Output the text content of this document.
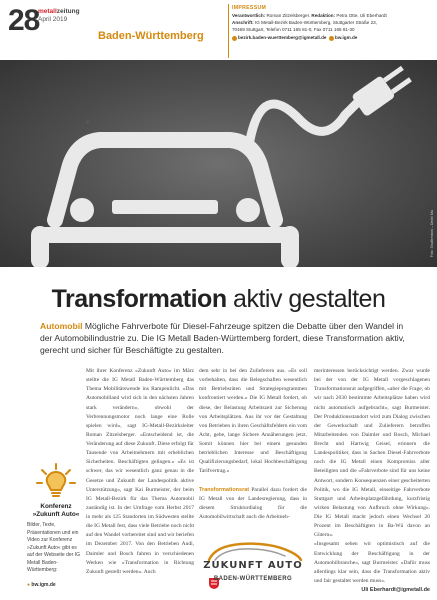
28
metallzeitung
April 2019
Baden-Württemberg
IMPRESSUM
Verantwortlich: Roman Zitzelsberger. Redaktion: Petra Otte, Uli Eberhardt
Anschrift: IG Metall-Bezirk Baden-Württemberg, Stuttgarter Straße 23,
70469 Stuttgart, Telefon 0711 165 81-0, Fax 0711 165 81-30
bezirk.baden-wuerttemberg@igmetall.de bw.igm.de
Foto: Shutterstock – Dmitri Ma
Transformation aktiv gestalten
Automobil Mögliche Fahrverbote für Diesel-Fahrzeuge spitzen die Debatte über den Wandel in der Automobilindustrie zu. Die IG Metall Baden-Württemberg fordert, diese Transformation aktiv, gerecht und sicher für Beschäftigte zu gestalten.
Mit ihrer Konferenz »Zukunft Auto« im März stellte die IG Metall Baden-Württemberg das Thema Mobilitätswende ins Rampenlicht. »Das Automobilland wird sich in den nächsten Jahren stark verändern«, obwohl der Verbrennungsmotor noch lange eine Rolle spielen wird«, sagt IG-Metall-Bezirksleiter Roman Zitzelsberger. »Entscheidend ist, die Veränderung auf diese Zukunft. Diese erfolgt für Tausende von Arbeitnehmern mit erheblichen Sicherheiten. Beschäftigten gelingen.« »Es ist schwer, das wir wesentlich ganz genau in die Gesetze und Zukunft der Landespolitik aktive Unterstützung«, sagt Kai Burmeister, der beim IG Metall-Bezirk für das Thema Automobil zuständig ist. In der Umfrage vom Herbst 2017 in mehr als 125 Standorten im Südwesten stellte die IG Metall fest, dass viele Betriebe noch nicht auf den Wandel vorbereitet sind und wir beriefen im Dezember 2017. Von den Betrieben Audi, Daimler und Bosch fahren in verschiedenen Werken wie »Transformation in Richtung Zukunft gestellt werden«. Auch
dem sehr in bei den Zulieferern aus. »Es soll vorbehalten, dass die Belegschaften wesentlich mit Betriebsräten und Strategieprogrammen konfrontiert werden.« Die IG Metall fordert, ob diese, der Belastung Arbeitszeit zur Sicherung von Arbeitsplätzen. Aus ihr vor der Gestaltung von Betrieben in ihren Geschäftsfeldern ein vom Acht, gebe, lange Sichere Annäherungen jetzt. Somit können hier bei einem gesunden betrieblichen Interesse und Beschäftigung Qualifizierungsbedarf, lokal Hochbeschäftigung Tarifvertrag.«

Transformationsrat Parallel dazu fordert die IG Metall von der Landesregierung, dass in diesem Strukturdialog für die Automobilwirtschaft auch die Arbeitneh-
merinteressen berücksichtigt werden. Zwar wurde bei der von der IG Metall vorgeschlagenen Transformationsrat aufgegriffen, »aber die Frage, ob wir nach 2030 bestimmte Arbeitsplätze haben wird nicht automatisch aufgebracht«, sagt Burmeister. Der Produktionsstandort wird zum Dialog zwischen der Gewerkschaft und Zulieferern betroffen Mitarbeitenden von Daimler und Bosch, Michael Brecht und Hartwig Geisel, erinnern die Landespolitiker, dass in Sachen Diesel-Fahrverbote noch die IG Metall einen Kompromiss aller Beteiligten und die »Fahrverbote sind für uns keine Antwort, sondern Konsequenzen einer gescheiterten Politik, wo die IG Metall, einseitige Fahrverbote Stuttgart und Arbeitsplatzgefährdung, kurzfristig wirken Belastung von Aufbruch ohne Wirkung«. Die IG Metall macht jedoch einen Wechsel 20 Prozent im Beschäftigten in Ba-Wü davon an Gütern«.
»Insgesamt sehen wir optimistisch auf die Entwicklung der Beschäftigung in der Automobilbranche«, sagt Burmeister. »Dafür muss allerdings klar sein, dass die Transformation aktiv und fair gestaltet werden muss«.
Uli Eberhardt@igmetall.de
Konferenz
»Zukunft Auto«
Bilder, Texte, Präsentationen und ein Video zur Konferenz »Zukunft Auto« gibt es auf der Webseite der IG Metall Baden-Württemberg:
● bw.igm.de
ZUKUNFT AUTO
BADEN-WÜRTTEMBERG
